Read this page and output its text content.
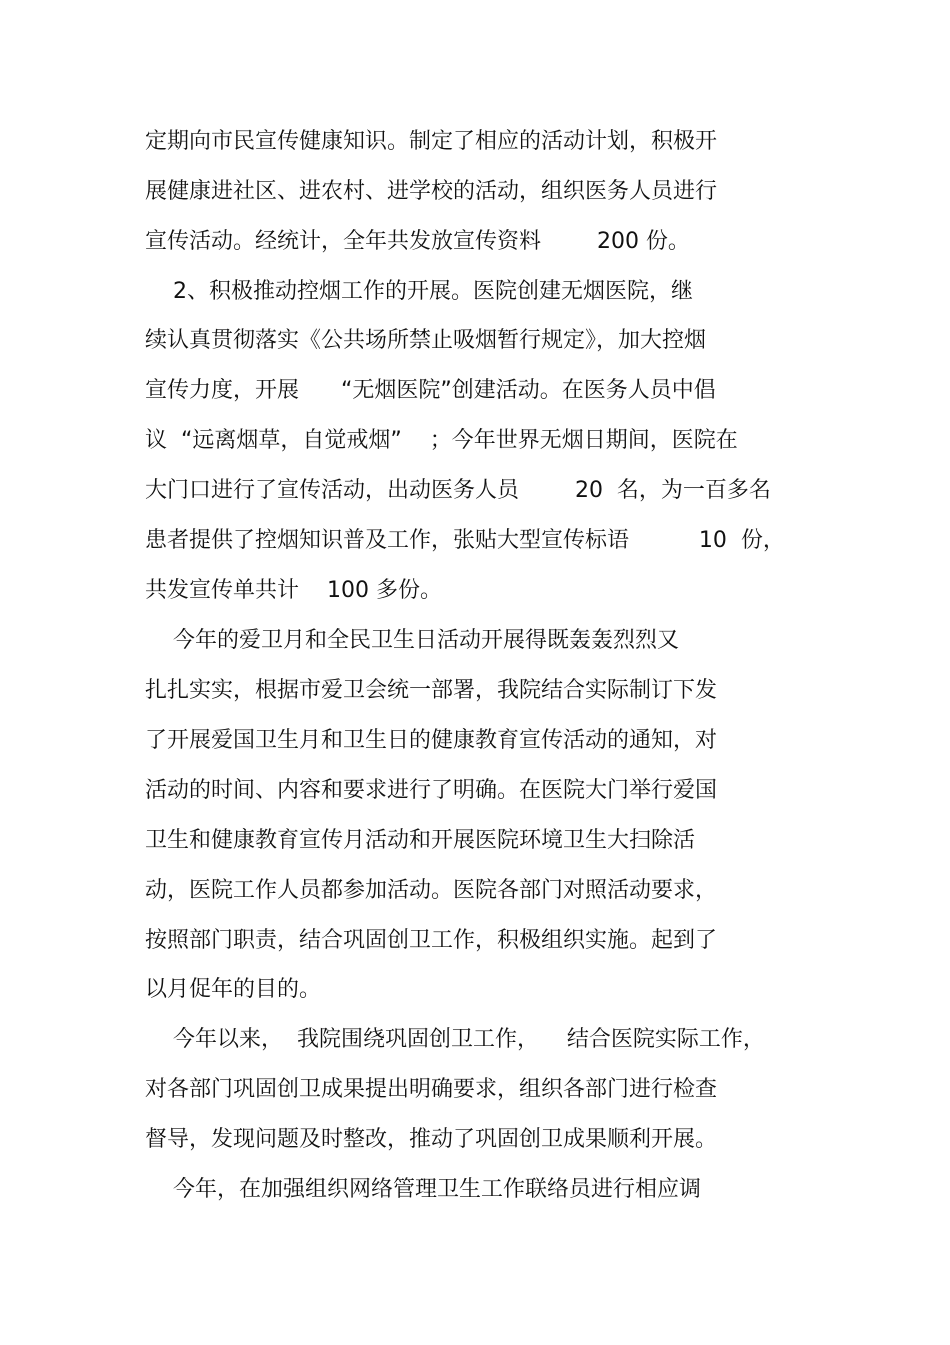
定期向市民宣传健康知识。制定了相应的活动计划，积极开

展健康进社区、进农村、进学校的活动，组织医务人员进行

宣传活动。经统计，全年共发放宣传资料        200 份。

2、积极推动控烟工作的开展。医院创建无烟医院，继

续认真贯彻落实《公共场所禁止吸烟暂行规定》，加大控烟

宣传力度，开展      “无烟医院”创建活动。在医务人员中倡

议  “远离烟草，自觉戒烟”    ；今年世界无烟日期间，医院在

大门口进行了宣传活动，出动医务人员        20  名，为一百多名

患者提供了控烟知识普及工作，张贴大型宣传标语          10  份，

共发宣传单共计    100 多份。

今年的爱卫月和全民卫生日活动开展得既轰轰烈烈又

扎扎实实，根据市爱卫会统一部署，我院结合实际制订下发

了开展爱国卫生月和卫生日的健康教育宣传活动的通知，对

活动的时间、内容和要求进行了明确。在医院大门举行爱国

卫生和健康教育宣传月活动和开展医院环境卫生大扫除活

动，医院工作人员都参加活动。医院各部门对照活动要求，

按照部门职责，结合巩固创卫工作，积极组织实施。起到了

以月促年的目的。

今年以来，  我院围绕巩固创卫工作，    结合医院实际工作，

对各部门巩固创卫成果提出明确要求，组织各部门进行检查

督导，发现问题及时整改，推动了巩固创卫成果顺利开展。

今年，在加强组织网络管理卫生工作联络员进行相应调
